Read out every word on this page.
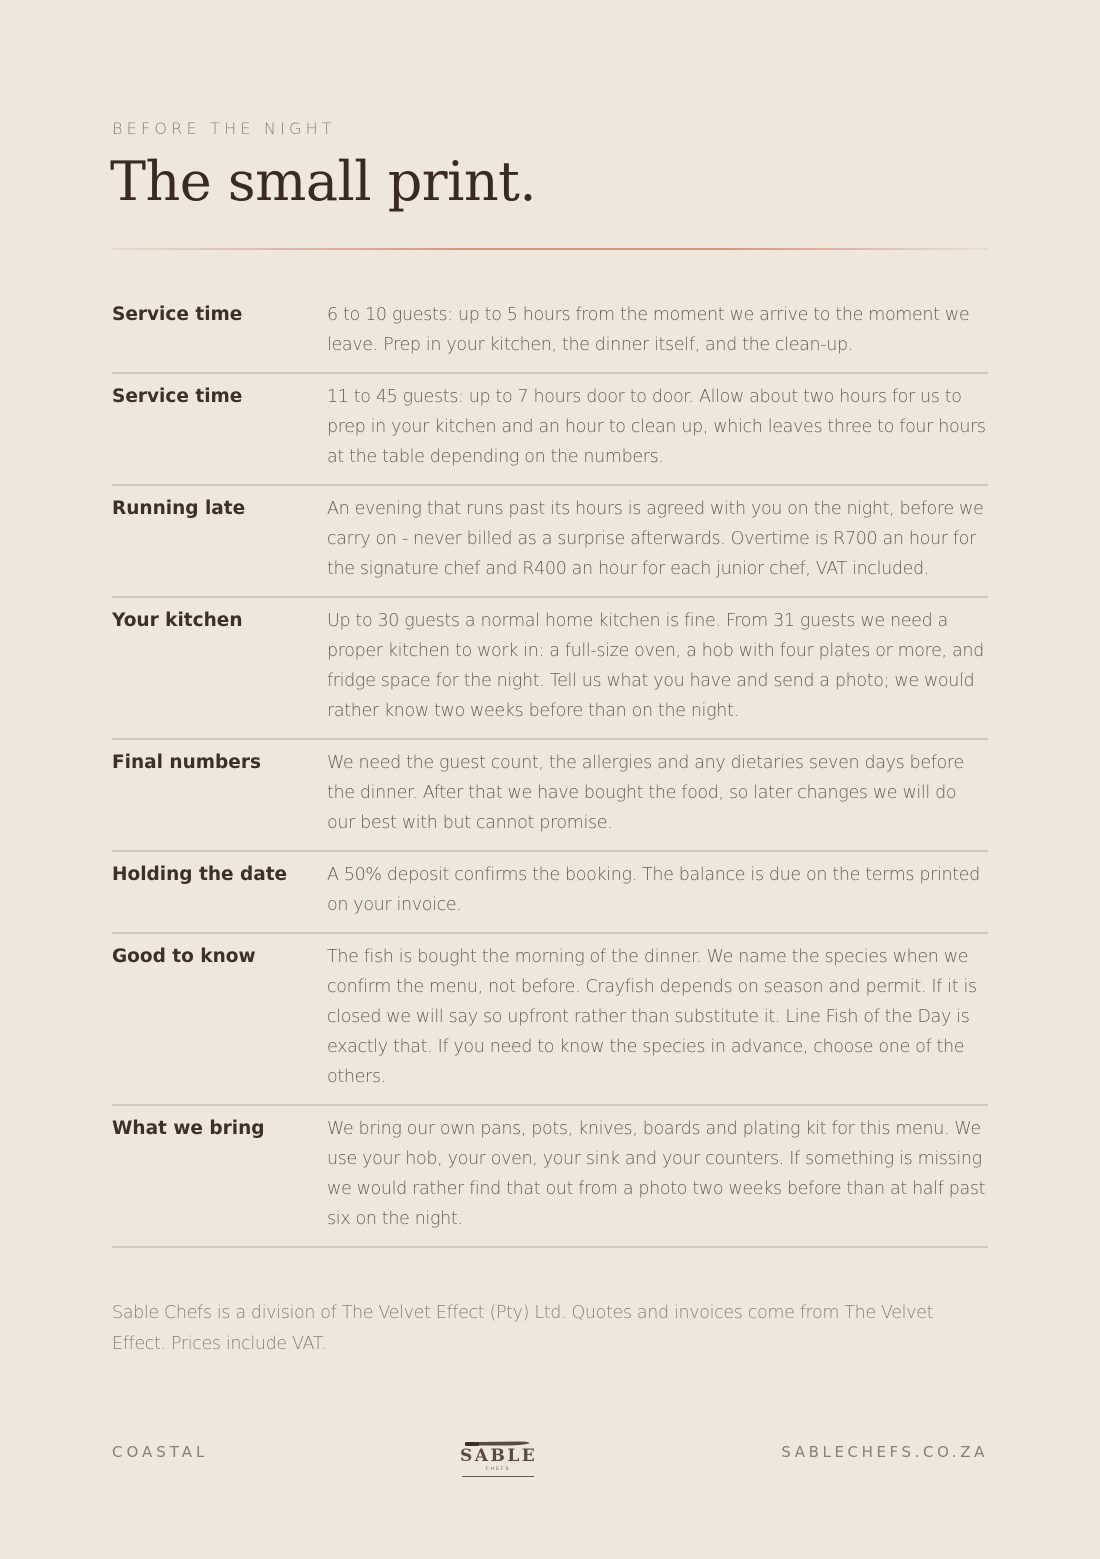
BEFORE THE NIGHT
The small print.
Service time	6 to 10 guests: up to 5 hours from the moment we arrive to the moment we leave. Prep in your kitchen, the dinner itself, and the clean-up.
Service time	11 to 45 guests: up to 7 hours door to door. Allow about two hours for us to prep in your kitchen and an hour to clean up, which leaves three to four hours at the table depending on the numbers.
Running late	An evening that runs past its hours is agreed with you on the night, before we carry on - never billed as a surprise afterwards. Overtime is R700 an hour for the signature chef and R400 an hour for each junior chef, VAT included.
Your kitchen	Up to 30 guests a normal home kitchen is fine. From 31 guests we need a proper kitchen to work in: a full-size oven, a hob with four plates or more, and fridge space for the night. Tell us what you have and send a photo; we would rather know two weeks before than on the night.
Final numbers	We need the guest count, the allergies and any dietaries seven days before the dinner. After that we have bought the food, so later changes we will do our best with but cannot promise.
Holding the date	A 50% deposit confirms the booking. The balance is due on the terms printed on your invoice.
Good to know	The fish is bought the morning of the dinner. We name the species when we confirm the menu, not before. Crayfish depends on season and permit. If it is closed we will say so upfront rather than substitute it. Line Fish of the Day is exactly that. If you need to know the species in advance, choose one of the others.
What we bring	We bring our own pans, pots, knives, boards and plating kit for this menu. We use your hob, your oven, your sink and your counters. If something is missing we would rather find that out from a photo two weeks before than at half past six on the night.
Sable Chefs is a division of The Velvet Effect (Pty) Ltd. Quotes and invoices come from The Velvet Effect. Prices include VAT.
COASTAL	SABLE
CHEFS
SABLECHEFS.CO.ZA
